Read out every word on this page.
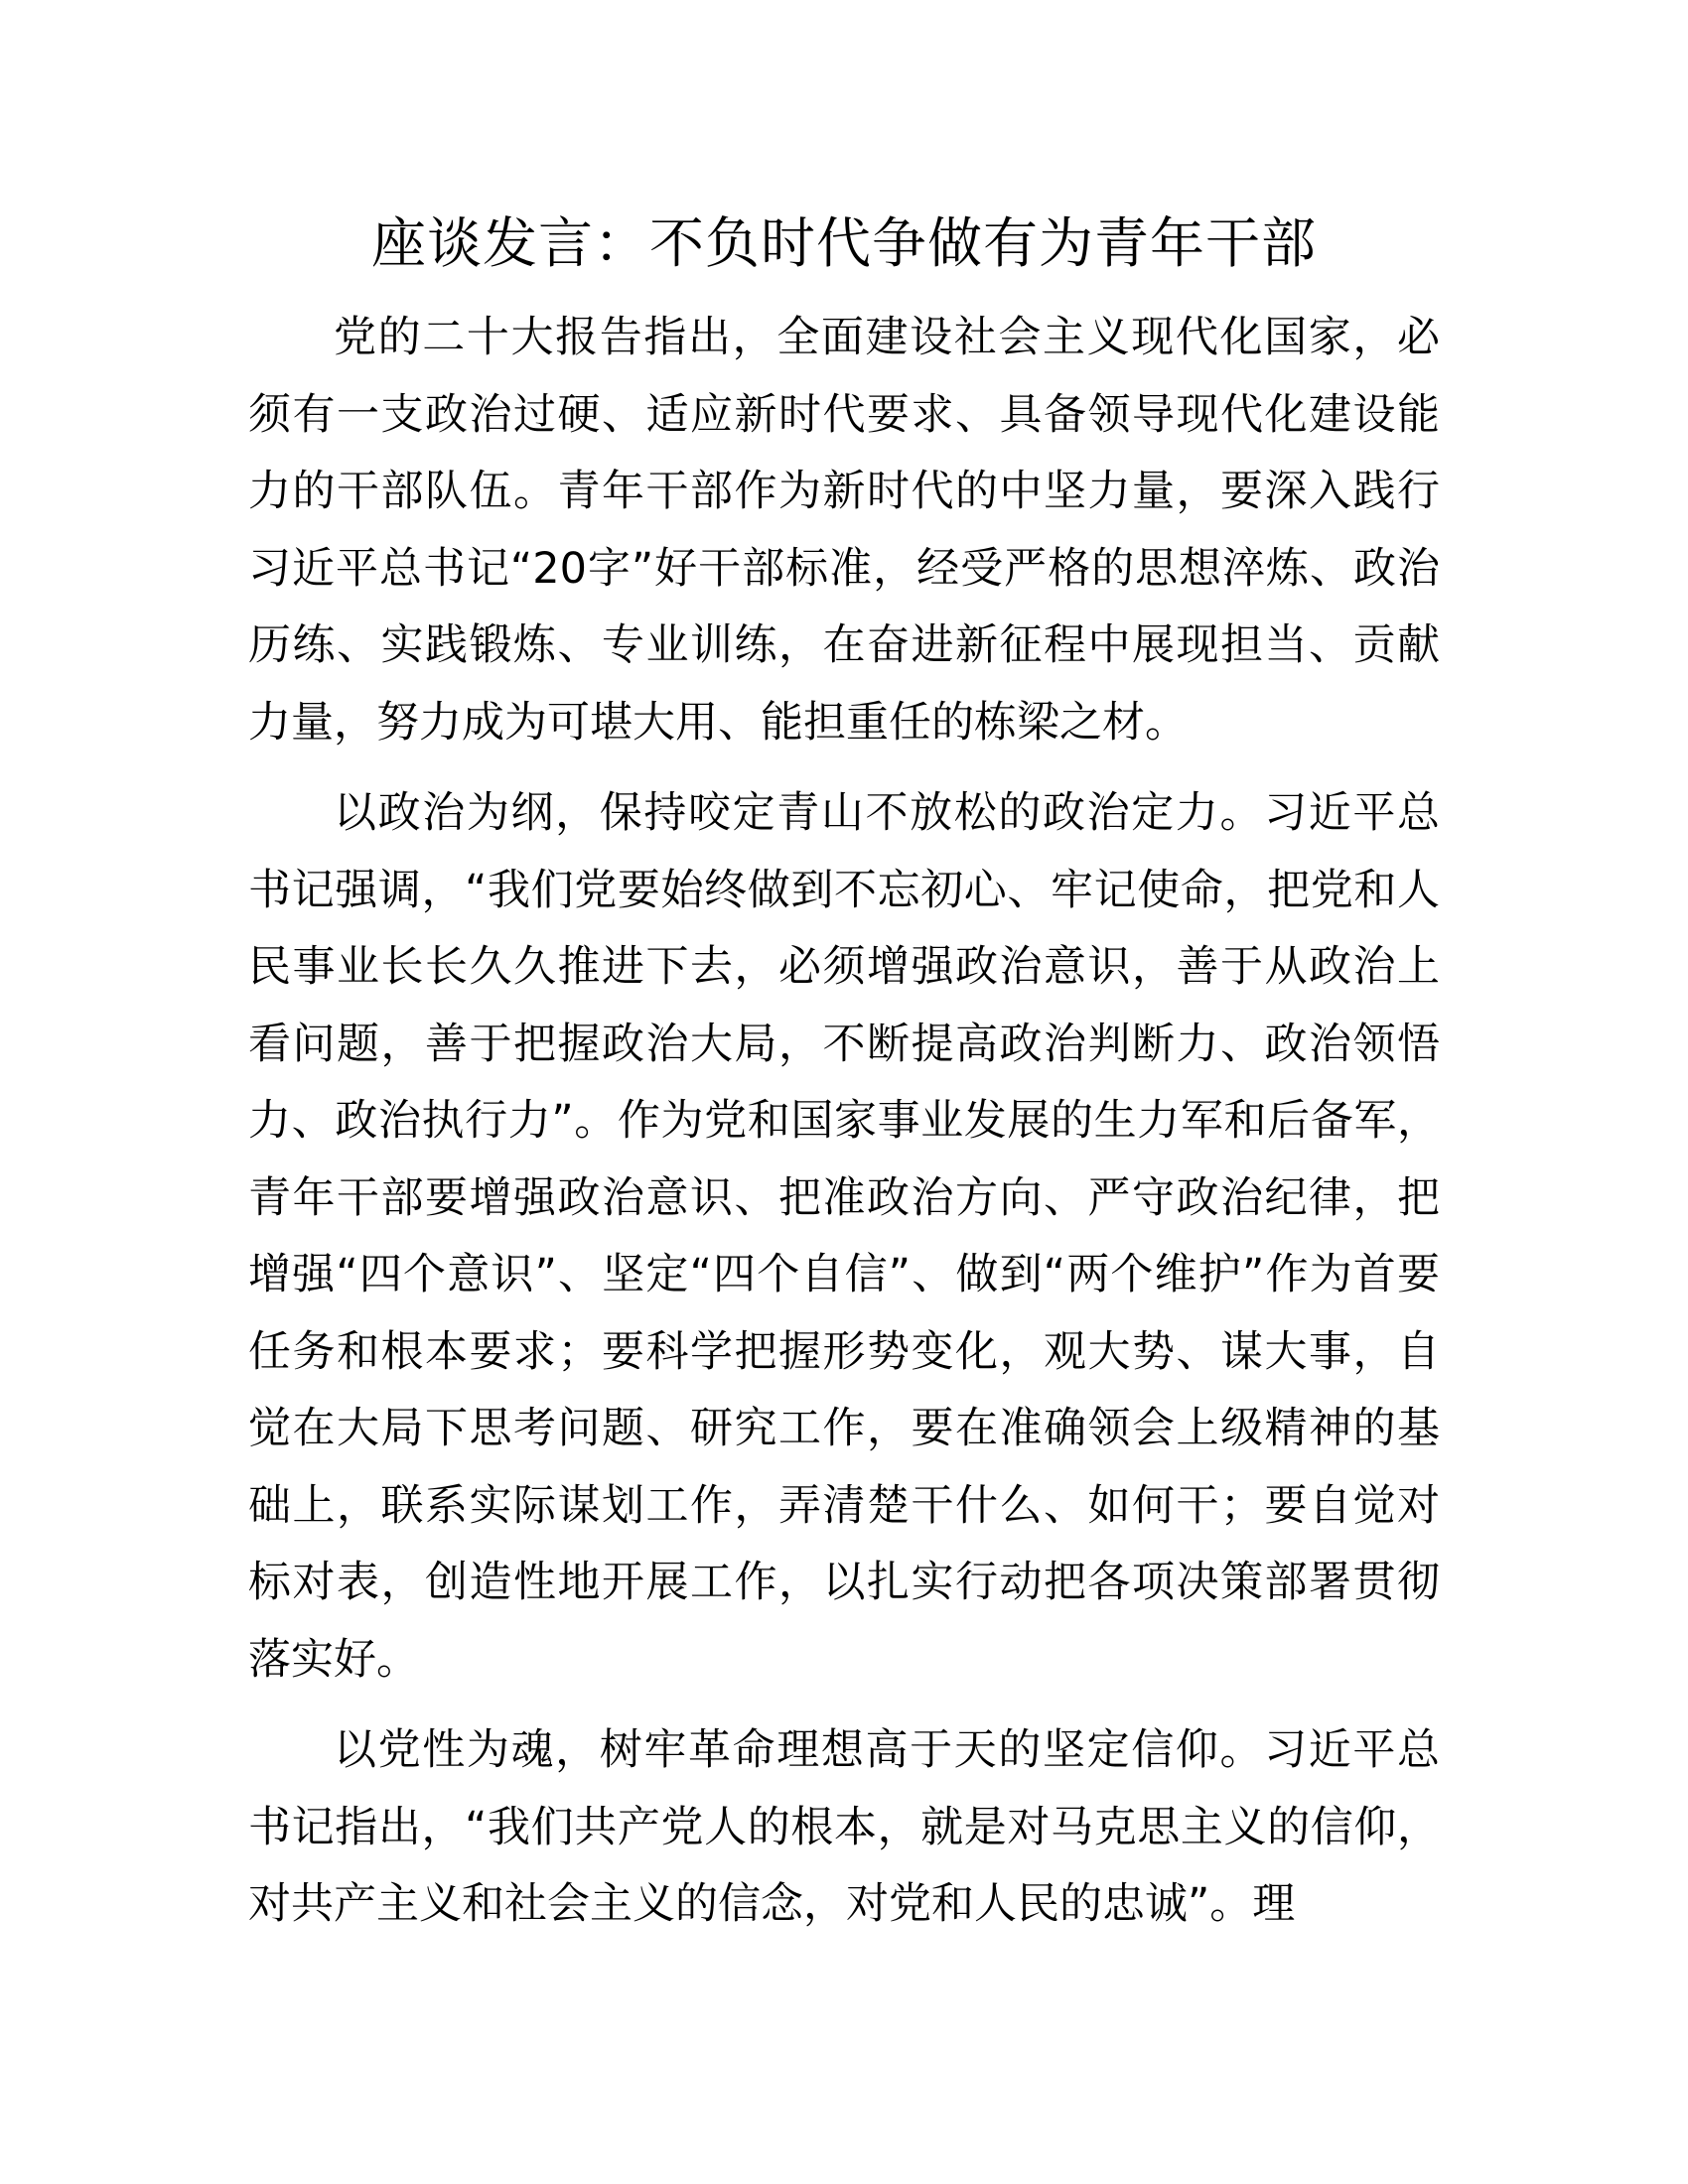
座谈发言：不负时代争做有为青年干部

党的二十大报告指出，全面建设社会主义现代化国家，必须有一支政治过硬、适应新时代要求、具备领导现代化建设能力的干部队伍。青年干部作为新时代的中坚力量，要深入践行习近平总书记“20字”好干部标准，经受严格的思想淬炼、政治历练、实践锻炼、专业训练，在奋进新征程中展现担当、贡献力量，努力成为可堪大用、能担重任的栋梁之材。

以政治为纲，保持咬定青山不放松的政治定力。习近平总书记强调，“我们党要始终做到不忘初心、牢记使命，把党和人民事业长长久久推进下去，必须增强政治意识，善于从政治上看问题，善于把握政治大局，不断提高政治判断力、政治领悟力、政治执行力”。作为党和国家事业发展的生力军和后备军，青年干部要增强政治意识、把准政治方向、严守政治纪律，把增强“四个意识”、坚定“四个自信”、做到“两个维护”作为首要任务和根本要求；要科学把握形势变化，观大势、谋大事，自觉在大局下思考问题、研究工作，要在准确领会上级精神的基础上，联系实际谋划工作，弄清楚干什么、如何干；要自觉对标对表，创造性地开展工作，以扎实行动把各项决策部署贯彻落实好。

以党性为魂，树牢革命理想高于天的坚定信仰。习近平总书记指出，“我们共产党人的根本，就是对马克思主义的信仰，对共产主义和社会主义的信念，对党和人民的忠诚”。理
